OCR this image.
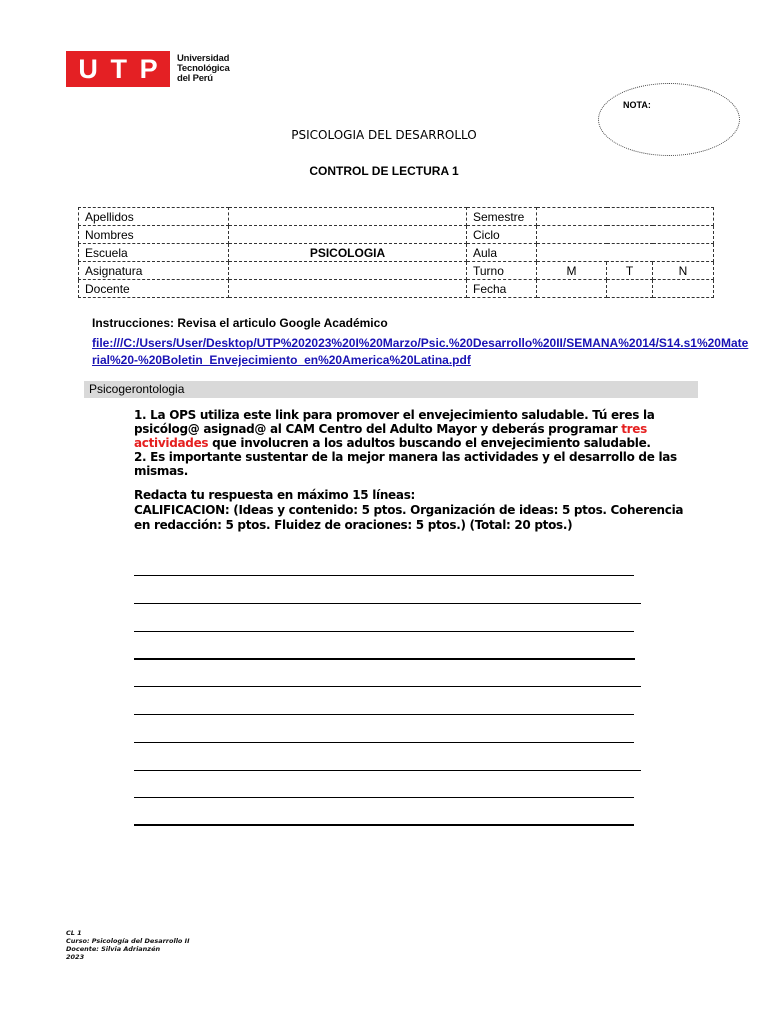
U T P Universidad
Tecnológica
del Perú
NOTA:
PSICOLOGIA DEL DESARROLLO
CONTROL DE LECTURA 1
Apellidos		Semestre			
Nombres		Ciclo			
Escuela	PSICOLOGIA	Aula			
Asignatura		Turno	M	T	N
Docente		Fecha			
Instrucciones: Revisa el articulo Google Académico
file:///C:/Users/User/Desktop/UTP%202023%20I%20Marzo/Psic.%20Desarrollo%20II/SEMANA%2014/S14.s1%20Material%20-%20Boletin_Envejecimiento_en%20America%20Latina.pdf
Psicogerontologia

1. La OPS utiliza este link para promover el envejecimiento saludable. Tú eres la psicólog@ asignad@ al CAM Centro del Adulto Mayor y deberás programar tres actividades que involucren a los adultos buscando el envejecimiento saludable.

2. Es importante sustentar de la mejor manera las actividades y el desarrollo de las mismas.

Redacta tu respuesta en máximo 15 líneas:
CALIFICACION: (Ideas y contenido: 5 ptos. Organización de ideas: 5 ptos. Coherencia en redacción: 5 ptos. Fluidez de oraciones: 5 ptos.) (Total: 20 ptos.)
CL 1
Curso: Psicología del Desarrollo II
Docente: Silvia Adrianzén
2023
